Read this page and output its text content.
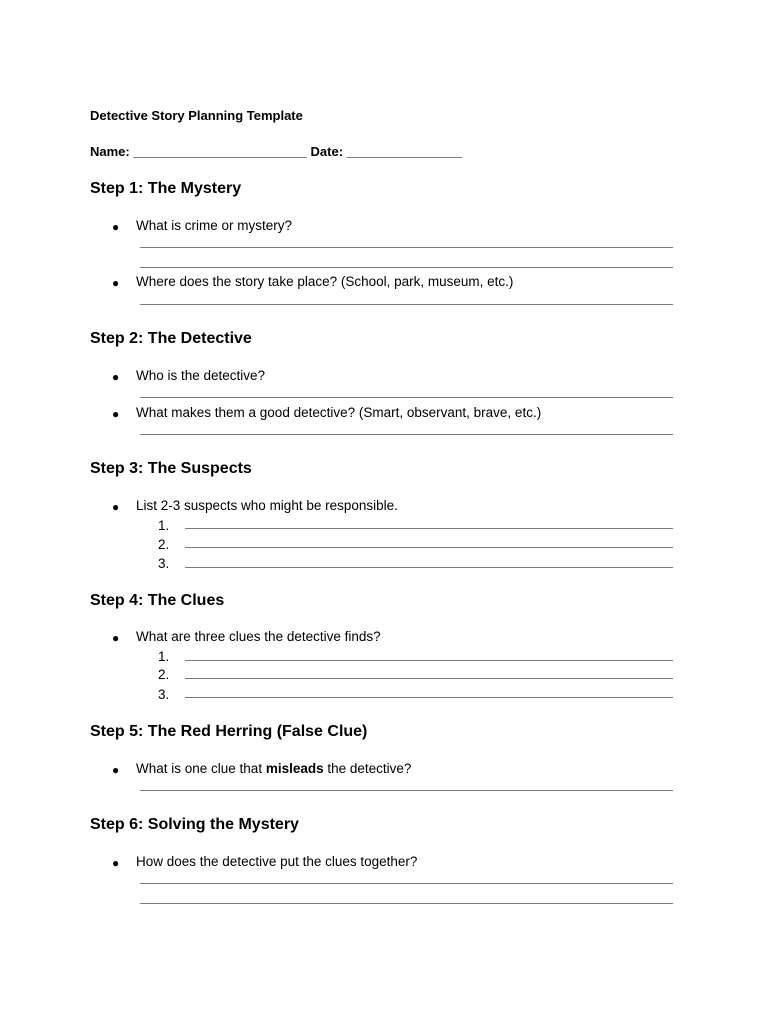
Detective Story Planning Template
Name: ________________________ Date: ________________
Step 1: The Mystery
● What is crime or mystery?
● Where does the story take place? (School, park, museum, etc.)
Step 2: The Detective
● Who is the detective?
● What makes them a good detective? (Smart, observant, brave, etc.)
Step 3: The Suspects
● List 2-3 suspects who might be responsible.
1.
2.
3.
Step 4: The Clues
● What are three clues the detective finds?
1.
2.
3.
Step 5: The Red Herring (False Clue)
● What is one clue that misleads the detective?
Step 6: Solving the Mystery
● How does the detective put the clues together?
